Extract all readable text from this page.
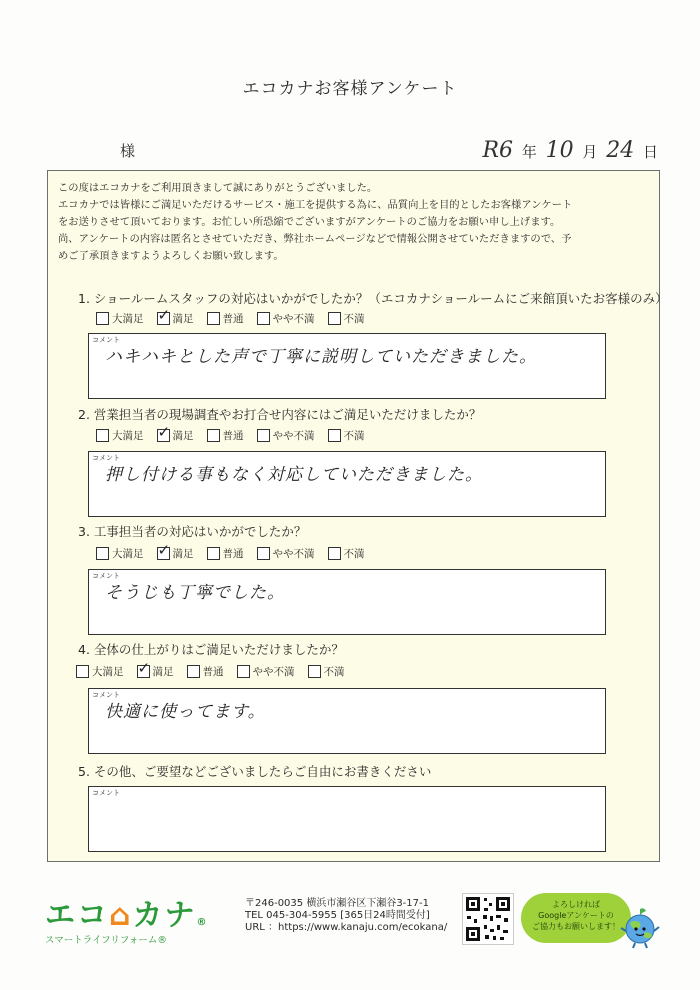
エコカナお客様アンケート
様	R6 年 10 月 24 日
この度はエコカナをご利用頂きまして誠にありがとうございました。
エコカナでは皆様にご満足いただけるサービス・施工を提供する為に、品質向上を目的としたお客様アンケート
をお送りさせて頂いております。お忙しい所恐縮でございますがアンケートのご協力をお願い申し上げます。
尚、アンケートの内容は匿名とさせていただき、弊社ホームページなどで情報公開させていただきますので、予
めご了承頂きますようよろしくお願い致します。
1. ショールームスタッフの対応はいかがでしたか？（エコカナショールームにご来館頂いたお客様のみ）
大満足 ✓	満足	普通	やや不満	不満
コメント
ハキハキとした声で丁寧に説明していただきました。
2. 営業担当者の現場調査やお打合せ内容にはご満足いただけましたか？
大満足 ✓	満足	普通	やや不満	不満
コメント
押し付ける事もなく対応していただきました。
3. 工事担当者の対応はいかがでしたか？
大満足 ✓	満足	普通	やや不満	不満
コメント
そうじも丁寧でした。
4. 全体の仕上がりはご満足いただけましたか？
大満足 ✓	満足	普通	やや不満	不満
コメント
快適に使ってます。
5. その他、ご要望などございましたらご自由にお書きください
コメント
エコ⌂カナ®
スマートライフリフォーム®
〒246-0035 横浜市瀬谷区下瀬谷3-17-1
TEL 045-304-5955 [365日24時間受付]
URL ：https://www.kanaju.com/ecokana/
よろしければ
Googleアンケートの
ご協力もお願いします！
